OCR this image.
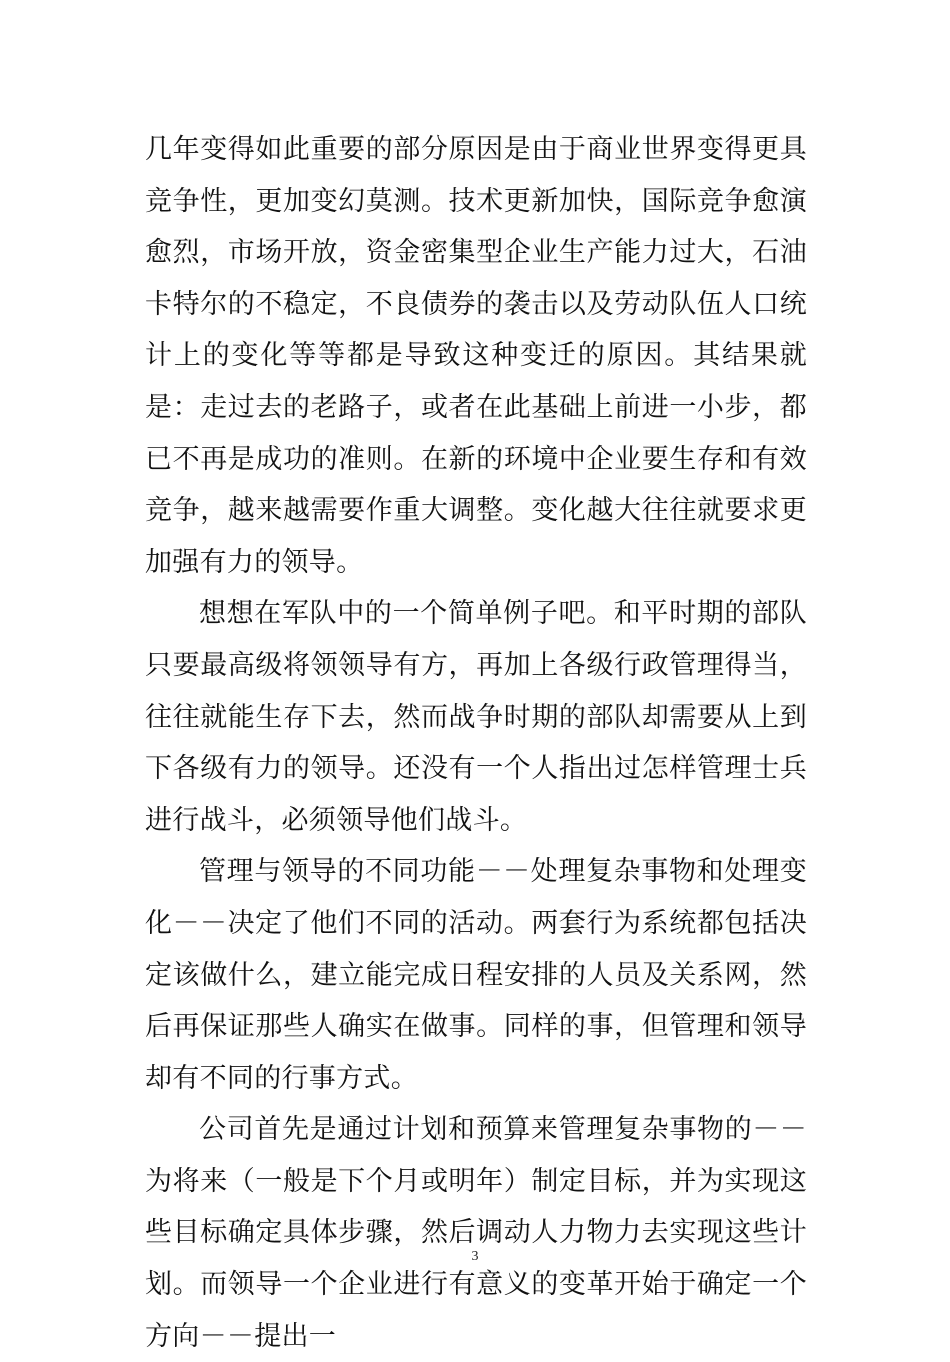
几年变得如此重要的部分原因是由于商业世界变得更具竞争性，更加变幻莫测。技术更新加快，国际竞争愈演愈烈，市场开放，资金密集型企业生产能力过大，石油卡特尔的不稳定，不良债券的袭击以及劳动队伍人口统计上的变化等等都是导致这种变迁的原因。其结果就是：走过去的老路子，或者在此基础上前进一小步，都已不再是成功的准则。在新的环境中企业要生存和有效竞争，越来越需要作重大调整。变化越大往往就要求更加强有力的领导。

想想在军队中的一个简单例子吧。和平时期的部队只要最高级将领领导有方，再加上各级行政管理得当，往往就能生存下去，然而战争时期的部队却需要从上到下各级有力的领导。还没有一个人指出过怎样管理士兵进行战斗，必须领导他们战斗。

管理与领导的不同功能－－处理复杂事物和处理变化－－决定了他们不同的活动。两套行为系统都包括决定该做什么，建立能完成日程安排的人员及关系网，然后再保证那些人确实在做事。同样的事，但管理和领导却有不同的行事方式。

公司首先是通过计划和预算来管理复杂事物的－－为将来（一般是下个月或明年）制定目标，并为实现这些目标确定具体步骤，然后调动人力物力去实现这些计划。而领导一个企业进行有意义的变革开始于确定一个方向－－提出一

3
